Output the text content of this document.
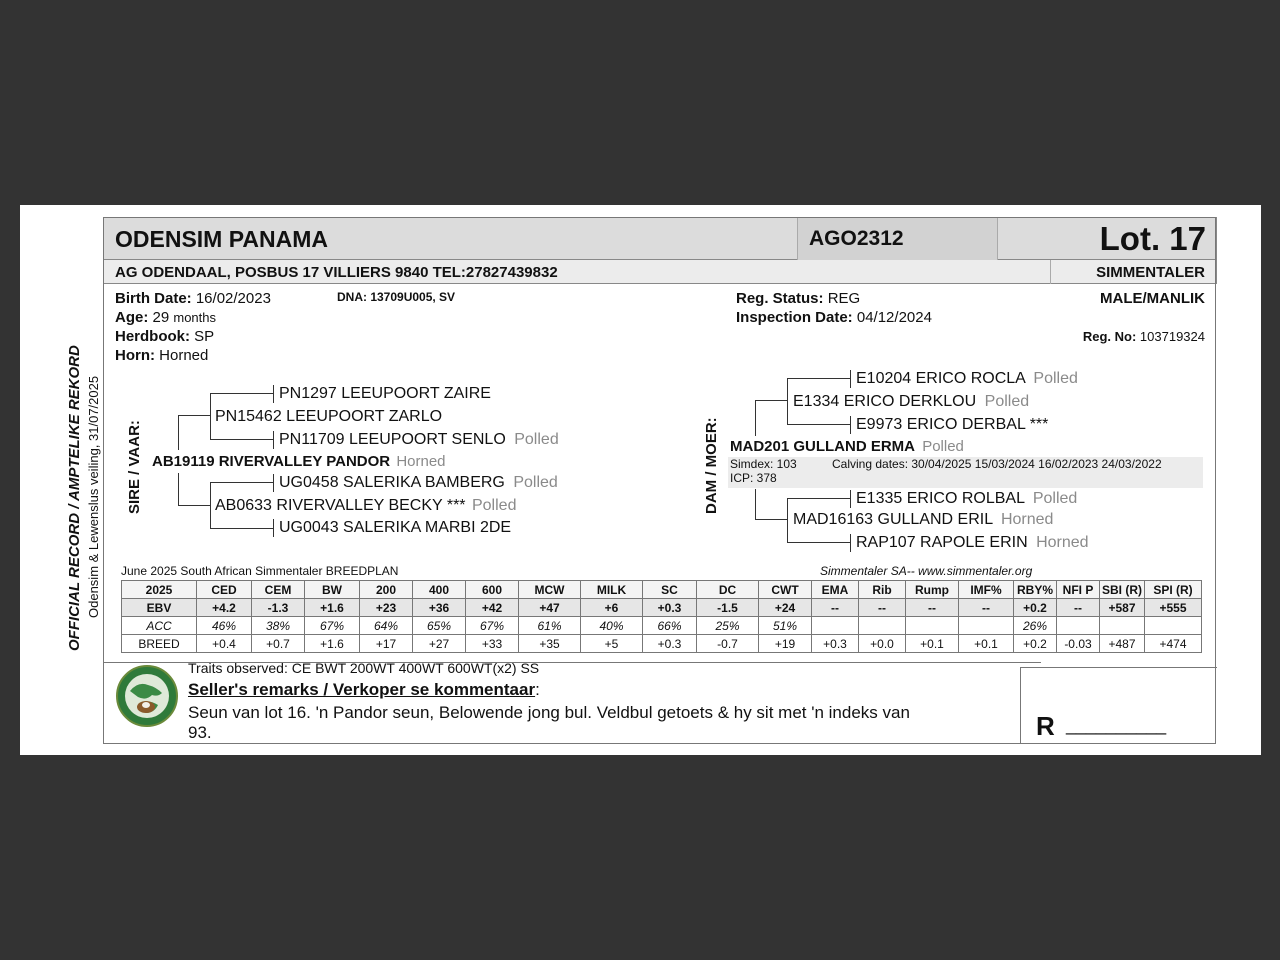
OFFICIAL RECORD / AMPTELIKE REKORD Odensim & Lewenslus veiling, 31/07/2025
ODENSIM PANAMA	AGO2312	Lot. 17
AG ODENDAAL, POSBUS 17 VILLIERS 9840 TEL:27827439832	SIMMENTALER
Birth Date: 16/02/2023	DNA: 13709U005, SV
Age: 29 months
Herdbook: SP
Horn: Horned
Reg. Status: REG
Inspection Date: 04/12/2024
MALE/MANLIK
Reg. No: 103719324
SIRE / VAAR:
PN1297 LEEUPOORT ZAIRE
PN15462 LEEUPOORT ZARLO
PN11709 LEEUPOORT SENLO Polled
AB19119 RIVERVALLEY PANDOR Horned
UG0458 SALERIKA BAMBERG Polled
AB0633 RIVERVALLEY BECKY *** Polled
UG0043 SALERIKA MARBI 2DE
DAM / MOER:
E10204 ERICO ROCLA Polled
E1334 ERICO DERKLOU Polled
E9973 ERICO DERBAL ***
MAD201 GULLAND ERMA Polled
Simdex: 103	Calving dates: 30/04/2025 15/03/2024 16/02/2023 24/03/2022
ICP: 378
E1335 ERICO ROLBAL Polled
MAD16163 GULLAND ERIL Horned
RAP107 RAPOLE ERIN Horned
June 2025 South African Simmentaler BREEDPLAN	Simmentaler SA-- www.simmentaler.org
2025	CED	CEM	BW	200	400	600	MCW	MILK	SC	DC	CWT	EMA	Rib	Rump	IMF%	RBY%	NFI P	SBI (R)	SPI (R)
EBV	+4.2	-1.3	+1.6	+23	+36	+42	+47	+6	+0.3	-1.5	+24	--	--	--	--	+0.2	--	+587	+555
ACC	46%	38%	67%	64%	65%	67%	61%	40%	66%	25%	51%					26%			
BREED	+0.4	+0.7	+1.6	+17	+27	+33	+35	+5	+0.3	-0.7	+19	+0.3	+0.0	+0.1	+0.1	+0.2	-0.03	+487	+474
Traits observed: CE BWT 200WT 400WT 600WT(x2) SS
Seller's remarks / Verkoper se kommentaar:
Seun van lot 16. 'n Pandor seun, Belowende jong bul. Veldbul getoets & hy sit met 'n indeks van
93.	R __________
